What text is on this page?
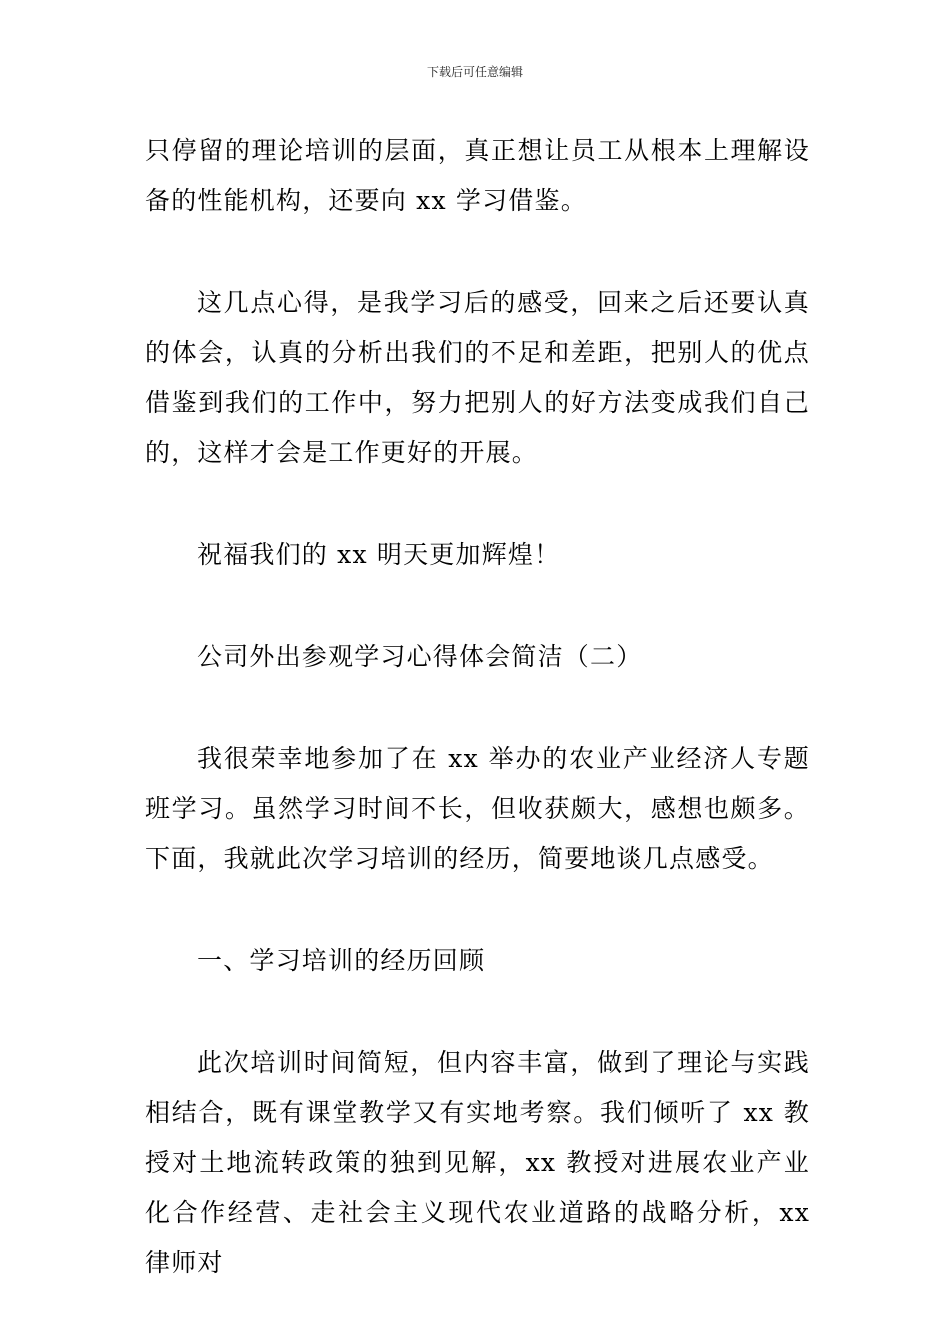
下载后可任意编辑

只停留的理论培训的层面，真正想让员工从根本上理解设备的性能机构，还要向 xx 学习借鉴。

这几点心得，是我学习后的感受，回来之后还要认真的体会，认真的分析出我们的不足和差距，把别人的优点借鉴到我们的工作中，努力把别人的好方法变成我们自己的，这样才会是工作更好的开展。

祝福我们的 xx 明天更加辉煌！

公司外出参观学习心得体会简洁（二）

我很荣幸地参加了在 xx 举办的农业产业经济人专题班学习。虽然学习时间不长，但收获颇大，感想也颇多。下面，我就此次学习培训的经历，简要地谈几点感受。

一、学习培训的经历回顾

此次培训时间简短，但内容丰富，做到了理论与实践相结合，既有课堂教学又有实地考察。我们倾听了 xx 教授对土地流转政策的独到见解，xx 教授对进展农业产业化合作经营、走社会主义现代农业道路的战略分析，xx 律师对
